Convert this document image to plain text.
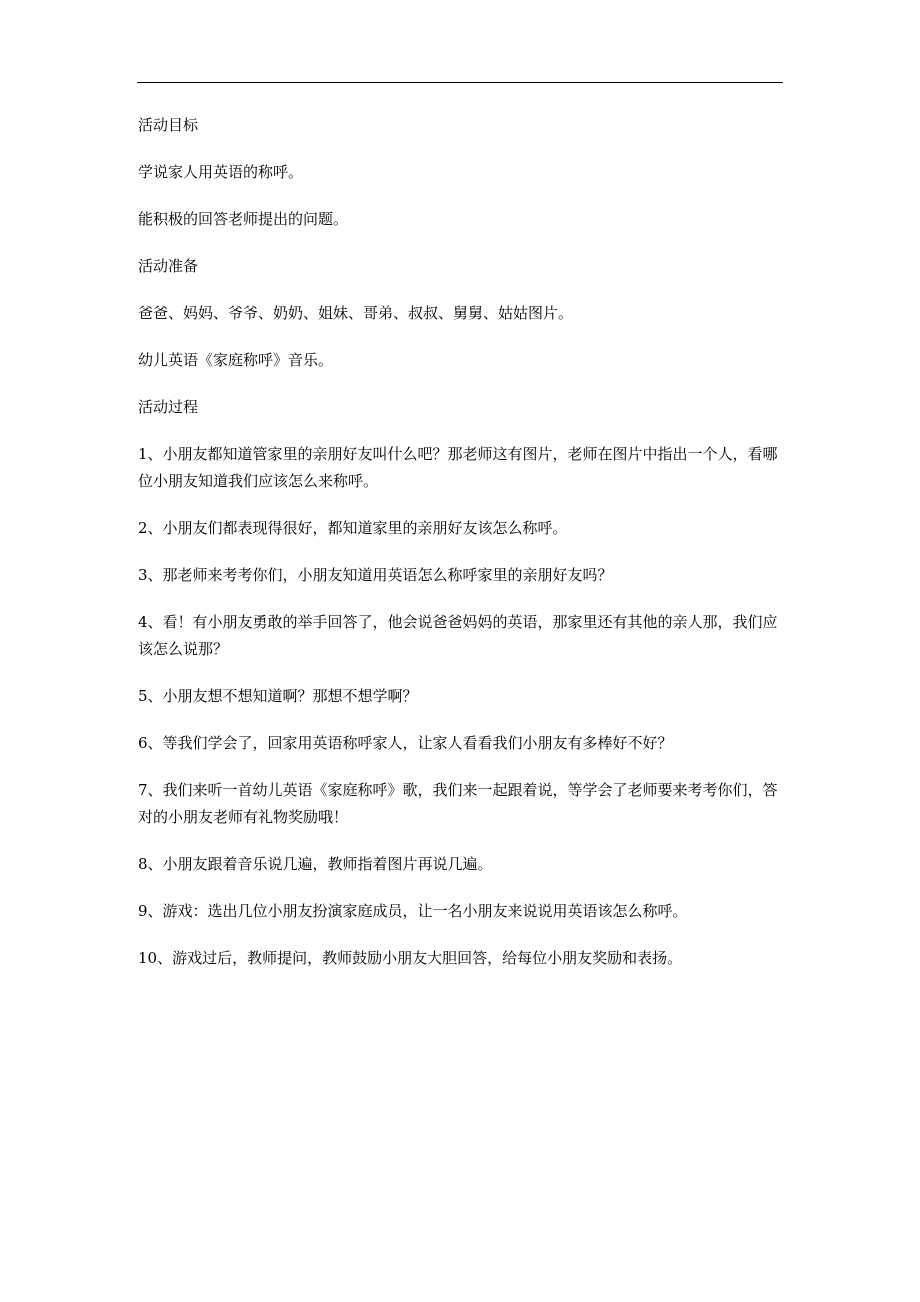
活动目标

学说家人用英语的称呼。

能积极的回答老师提出的问题。

活动准备

爸爸、妈妈、爷爷、奶奶、姐妹、哥弟、叔叔、舅舅、姑姑图片。

幼儿英语《家庭称呼》音乐。

活动过程

1、小朋友都知道管家里的亲朋好友叫什么吧？那老师这有图片，老师在图片中指出一个人，看哪位小朋友知道我们应该怎么来称呼。

2、小朋友们都表现得很好，都知道家里的亲朋好友该怎么称呼。

3、那老师来考考你们，小朋友知道用英语怎么称呼家里的亲朋好友吗？

4、看！有小朋友勇敢的举手回答了，他会说爸爸妈妈的英语，那家里还有其他的亲人那，我们应该怎么说那？

5、小朋友想不想知道啊？那想不想学啊？

6、等我们学会了，回家用英语称呼家人，让家人看看我们小朋友有多棒好不好？

7、我们来听一首幼儿英语《家庭称呼》歌，我们来一起跟着说，等学会了老师要来考考你们，答对的小朋友老师有礼物奖励哦！

8、小朋友跟着音乐说几遍，教师指着图片再说几遍。

9、游戏：选出几位小朋友扮演家庭成员，让一名小朋友来说说用英语该怎么称呼。

10、游戏过后，教师提问，教师鼓励小朋友大胆回答，给每位小朋友奖励和表扬。
